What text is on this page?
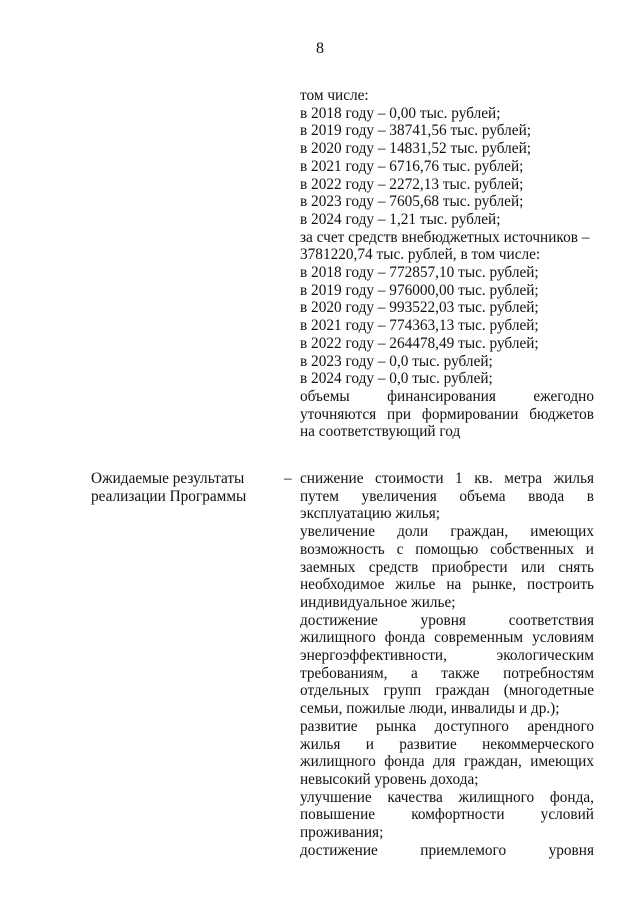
8
том числе:
в 2018 году – 0,00 тыс. рублей;
в 2019 году – 38741,56 тыс. рублей;
в 2020 году – 14831,52 тыс. рублей;
в 2021 году – 6716,76 тыс. рублей;
в 2022 году – 2272,13 тыс. рублей;
в 2023 году – 7605,68 тыс. рублей;
в 2024 году – 1,21 тыс. рублей;
за счет средств внебюджетных источников –
3781220,74 тыс. рублей, в том числе:
в 2018 году – 772857,10 тыс. рублей;
в 2019 году – 976000,00 тыс. рублей;
в 2020 году – 993522,03 тыс. рублей;
в 2021 году – 774363,13 тыс. рублей;
в 2022 году – 264478,49 тыс. рублей;
в 2023 году – 0,0 тыс. рублей;
в 2024 году – 0,0 тыс. рублей;
объемы финансирования ежегодно
уточняются при формировании бюджетов
на соответствующий год
Ожидаемые результаты
реализации Программы
– снижение стоимости 1 кв. метра жилья
путем увеличения объема ввода в
эксплуатацию жилья;
увеличение доли граждан, имеющих
возможность с помощью собственных и
заемных средств приобрести или снять
необходимое жилье на рынке, построить
индивидуальное жилье;
достижение уровня соответствия
жилищного фонда современным условиям
энергоэффективности, экологическим
требованиям, а также потребностям
отдельных групп граждан (многодетные
семьи, пожилые люди, инвалиды и др.);
развитие рынка доступного арендного
жилья и развитие некоммерческого
жилищного фонда для граждан, имеющих
невысокий уровень дохода;
улучшение качества жилищного фонда,
повышение комфортности условий
проживания;
достижение приемлемого уровня
